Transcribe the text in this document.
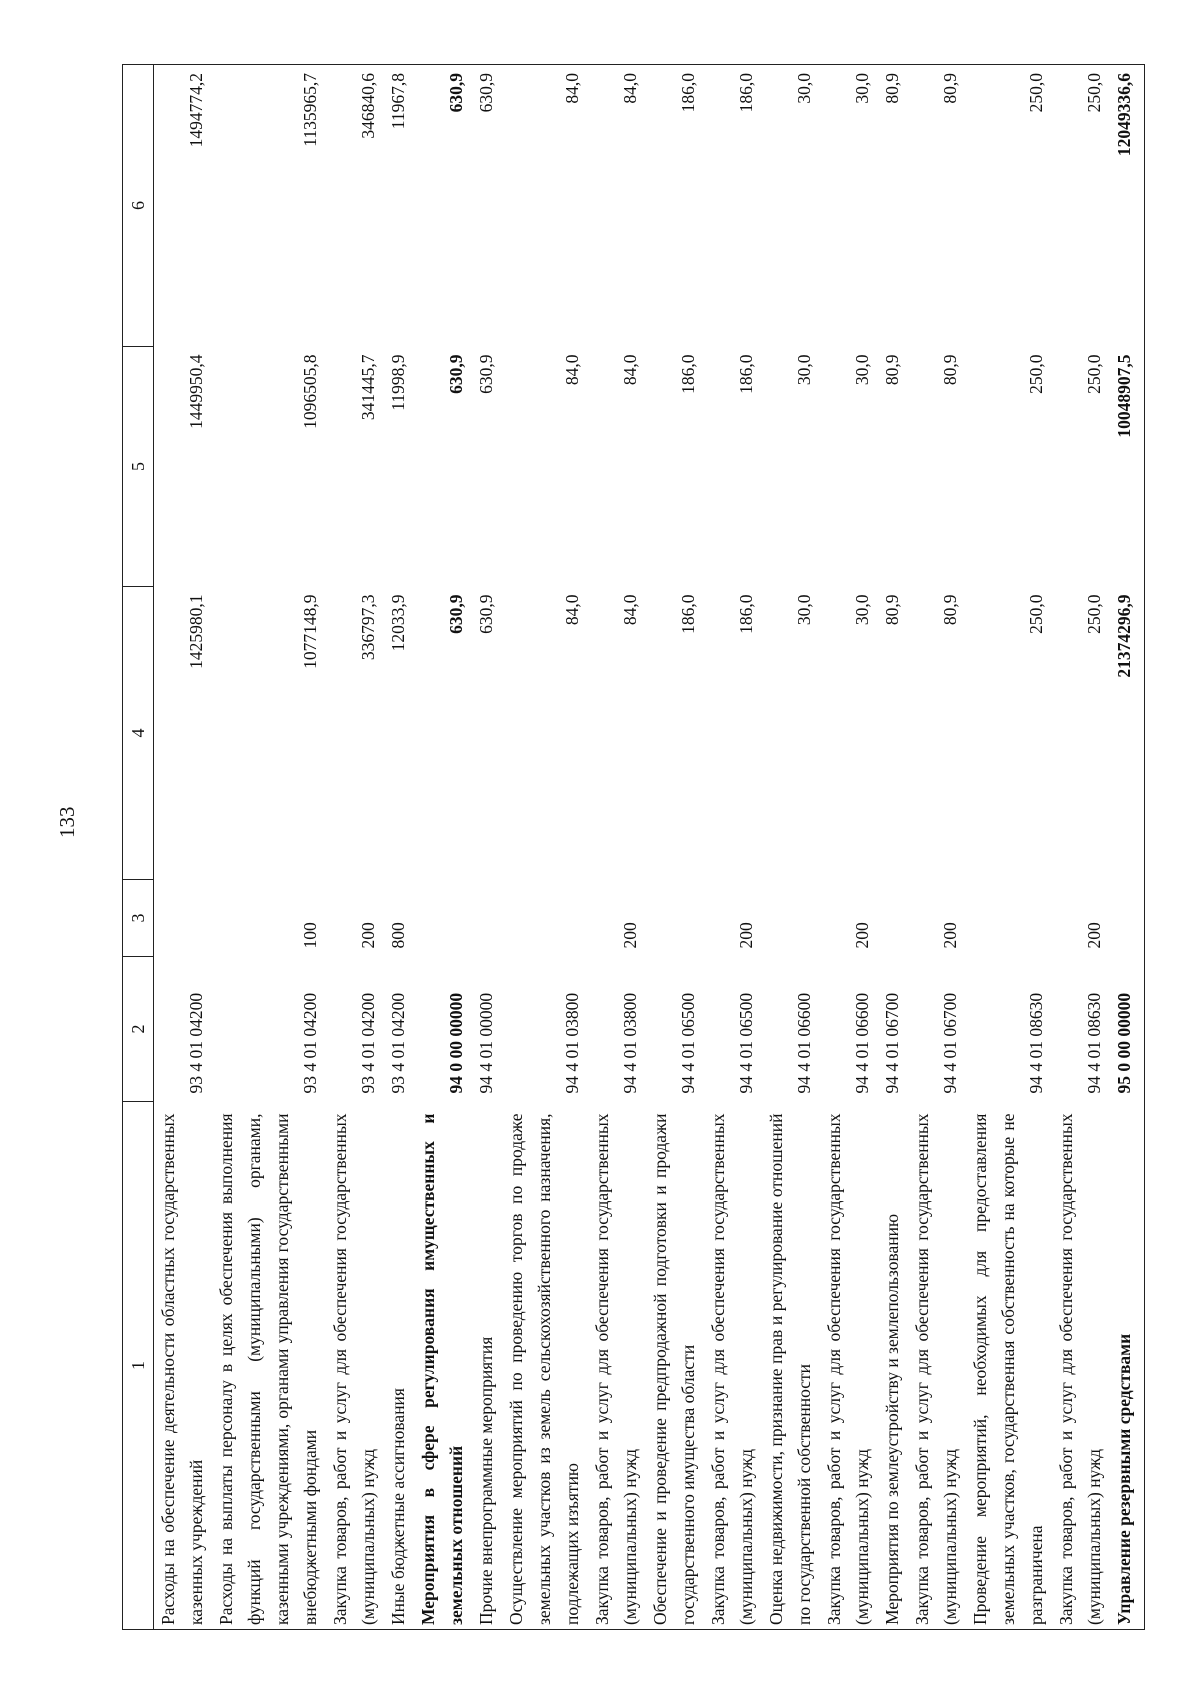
133
1	2	3	4	5	6
Расходы на обеспечение деятельности областных государственных казенных учреждений	93 4 01 04200		1425980,1	1449950,4	1494774,2
Расходы на выплаты персоналу в целях обеспечения выполнения функций государственными (муниципальными) органами, казенными учреждениями, органами управления государственными внебюджетными фондами	93 4 01 04200	100	1077148,9	1096505,8	1135965,7
Закупка товаров, работ и услуг для обеспечения государственных (муниципальных) нужд	93 4 01 04200	200	336797,3	341445,7	346840,6
Иные бюджетные ассигнования	93 4 01 04200	800	12033,9	11998,9	11967,8
Мероприятия в сфере регулирования имущественных и земельных отношений	94 0 00 00000		630,9	630,9	630,9
Прочие внепрограммные мероприятия	94 4 01 00000		630,9	630,9	630,9
Осуществление мероприятий по проведению торгов по продаже земельных участков из земель сельскохозяйственного назначения, подлежащих изъятию	94 4 01 03800		84,0	84,0	84,0
Закупка товаров, работ и услуг для обеспечения государственных (муниципальных) нужд	94 4 01 03800	200	84,0	84,0	84,0
Обеспечение и проведение предпродажной подготовки и продажи государственного имущества области	94 4 01 06500		186,0	186,0	186,0
Закупка товаров, работ и услуг для обеспечения государственных (муниципальных) нужд	94 4 01 06500	200	186,0	186,0	186,0
Оценка недвижимости, признание прав и регулирование отношений по государственной собственности	94 4 01 06600		30,0	30,0	30,0
Закупка товаров, работ и услуг для обеспечения государственных (муниципальных) нужд	94 4 01 06600	200	30,0	30,0	30,0
Мероприятия по землеустройству и землепользованию	94 4 01 06700		80,9	80,9	80,9
Закупка товаров, работ и услуг для обеспечения государственных (муниципальных) нужд	94 4 01 06700	200	80,9	80,9	80,9
Проведение мероприятий, необходимых для предоставления земельных участков, государственная собственность на которые не разграничена	94 4 01 08630		250,0	250,0	250,0
Закупка товаров, работ и услуг для обеспечения государственных (муниципальных) нужд	94 4 01 08630	200	250,0	250,0	250,0
Управление резервными средствами	95 0 00 00000		21374296,9	10048907,5	12049336,6
